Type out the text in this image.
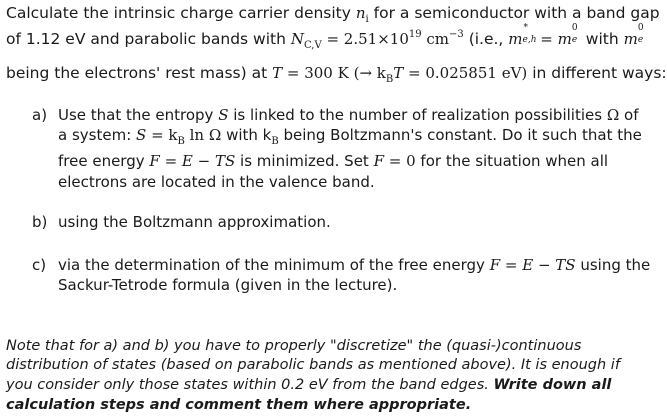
Calculate the intrinsic charge carrier density $n_i$ for a semiconductor with a band gap
of 1.12 eV and parabolic bands with $N_{C,V} = 2.51\times 10^{19}$ $cm^{-3}$ (i.e., m
*
e,h = m
0
e with m
0
e
being the electrons' rest mass) at T = 300 K (→ $k_BT = 0.025851$ eV) in different ways:
a) Use that the entropy S is linked to the number of realization possibilities Ω of
a system: $S = k_B$ ln Ω with $k_B$ being Boltzmann's constant. Do it such that the
free energy F = E − TS is minimized. Set F = 0 for the situation when all
electrons are located in the valence band.
b) using the Boltzmann approximation.
c) via the determination of the minimum of the free energy F = E − TS using the
Sackur-Tetrode formula (given in the lecture).
Note that for a) and b) you have to properly "discretize" the (quasi-)continuous
distribution of states (based on parabolic bands as mentioned above). It is enough if
you consider only those states within 0.2 eV from the band edges. Write down all
calculation steps and comment them where appropriate.
